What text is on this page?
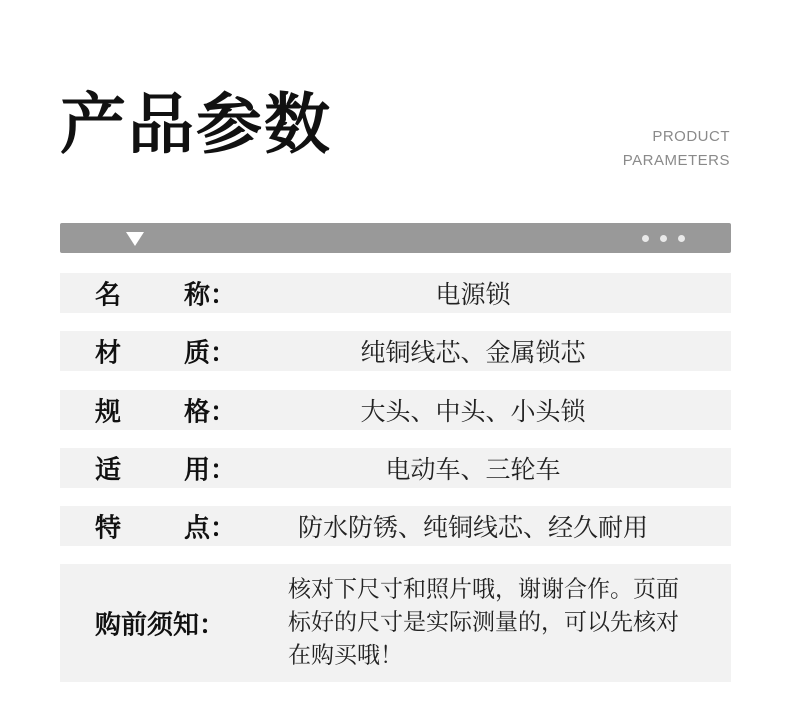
产品参数	PRODUCT
PARAMETERS
名 称：	电源锁
材 质：	纯铜线芯、金属锁芯
规 格：	大头、中头、小头锁
适 用：	电动车、三轮车
特 点：	防水防锈、纯铜线芯、经久耐用
购前须知：
核对下尺寸和照片哦，谢谢合作。页面
标好的尺寸是实际测量的，可以先核对
在购买哦！
